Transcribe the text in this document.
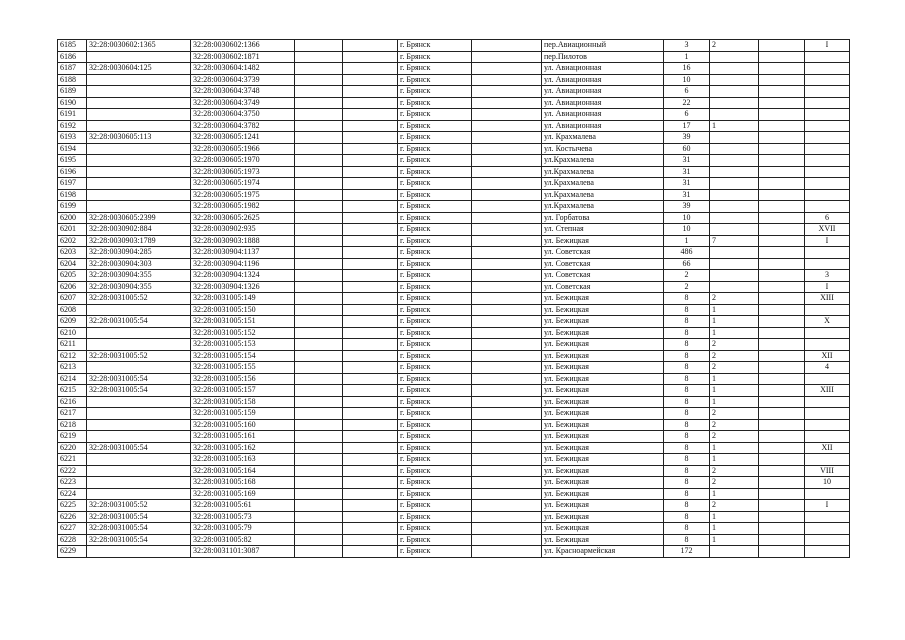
6185	32:28:0030602:1365	32:28:0030602:1366			г. Брянск		пер.Авиационный	3	2		I
6186		32:28:0030602:1871			г. Брянск		пер.Пилотов	1			
6187	32:28:0030604:125	32:28:0030604:1482			г. Брянск		ул. Авиационная	16			
6188		32:28:0030604:3739			г. Брянск		ул. Авиационная	10			
6189		32:28:0030604:3748			г. Брянск		ул. Авиационная	6			
6190		32:28:0030604:3749			г. Брянск		ул. Авиационная	22			
6191		32:28:0030604:3750			г. Брянск		ул. Авиационная	6			
6192		32:28:0030604:3782			г. Брянск		ул. Авиационная	17	1		
6193	32:28:0030605:113	32:28:0030605:1241			г. Брянск		ул. Крахмалева	39			
6194		32:28:0030605:1966			г. Брянск		ул. Костычева	60			
6195		32:28:0030605:1970			г. Брянск		ул.Крахмалева	31			
6196		32:28:0030605:1973			г. Брянск		ул.Крахмалева	31			
6197		32:28:0030605:1974			г. Брянск		ул.Крахмалева	31			
6198		32:28:0030605:1975			г. Брянск		ул.Крахмалева	31			
6199		32:28:0030605:1982			г. Брянск		ул.Крахмалева	39			
6200	32:28:0030605:2399	32:28:0030605:2625			г. Брянск		ул. Горбатова	10			6
6201	32:28:0030902:884	32:28:0030902:935			г. Брянск		ул. Степная	10			XVII
6202	32:28:0030903:1789	32:28:0030903:1888			г. Брянск		ул. Бежицкая	1	7		I
6203	32:28:0030904:285	32:28:0030904:1137			г. Брянск		ул. Советская	486			
6204	32:28:0030904:303	32:28:0030904:1196			г. Брянск		ул. Советская	66			
6205	32:28:0030904:355	32:28:0030904:1324			г. Брянск		ул. Советская	2			3
6206	32:28:0030904:355	32:28:0030904:1326			г. Брянск		ул. Советская	2			I
6207	32:28:0031005:52	32:28:0031005:149			г. Брянск		ул. Бежицкая	8	2		XIII
6208		32:28:0031005:150			г. Брянск		ул. Бежицкая	8	1		
6209	32:28:0031005:54	32:28:0031005:151			г. Брянск		ул. Бежицкая	8	1		X
6210		32:28:0031005:152			г. Брянск		ул. Бежицкая	8	1		
6211		32:28:0031005:153			г. Брянск		ул. Бежицкая	8	2		
6212	32:28:0031005:52	32:28:0031005:154			г. Брянск		ул. Бежицкая	8	2		XII
6213		32:28:0031005:155			г. Брянск		ул. Бежицкая	8	2		4
6214	32:28:0031005:54	32:28:0031005:156			г. Брянск		ул. Бежицкая	8	1		
6215	32:28:0031005:54	32:28:0031005:157			г. Брянск		ул. Бежицкая	8	1		XIII
6216		32:28:0031005:158			г. Брянск		ул. Бежицкая	8	1		
6217		32:28:0031005:159			г. Брянск		ул. Бежицкая	8	2		
6218		32:28:0031005:160			г. Брянск		ул. Бежицкая	8	2		
6219		32:28:0031005:161			г. Брянск		ул. Бежицкая	8	2		
6220	32:28:0031005:54	32:28:0031005:162			г. Брянск		ул. Бежицкая	8	1		XII
6221		32:28:0031005:163			г. Брянск		ул. Бежицкая	8	1		
6222		32:28:0031005:164			г. Брянск		ул. Бежицкая	8	2		VIII
6223		32:28:0031005:168			г. Брянск		ул. Бежицкая	8	2		10
6224		32:28:0031005:169			г. Брянск		ул. Бежицкая	8	1		
6225	32:28:0031005:52	32:28:0031005:61			г. Брянск		ул. Бежицкая	8	2		I
6226	32:28:0031005:54	32:28:0031005:73			г. Брянск		ул. Бежицкая	8	1		
6227	32:28:0031005:54	32:28:0031005:79			г. Брянск		ул. Бежицкая	8	1		
6228	32:28:0031005:54	32:28:0031005:82			г. Брянск		ул. Бежицкая	8	1		
6229		32:28:0031101:3087			г. Брянск		ул. Красноармейская	172			
